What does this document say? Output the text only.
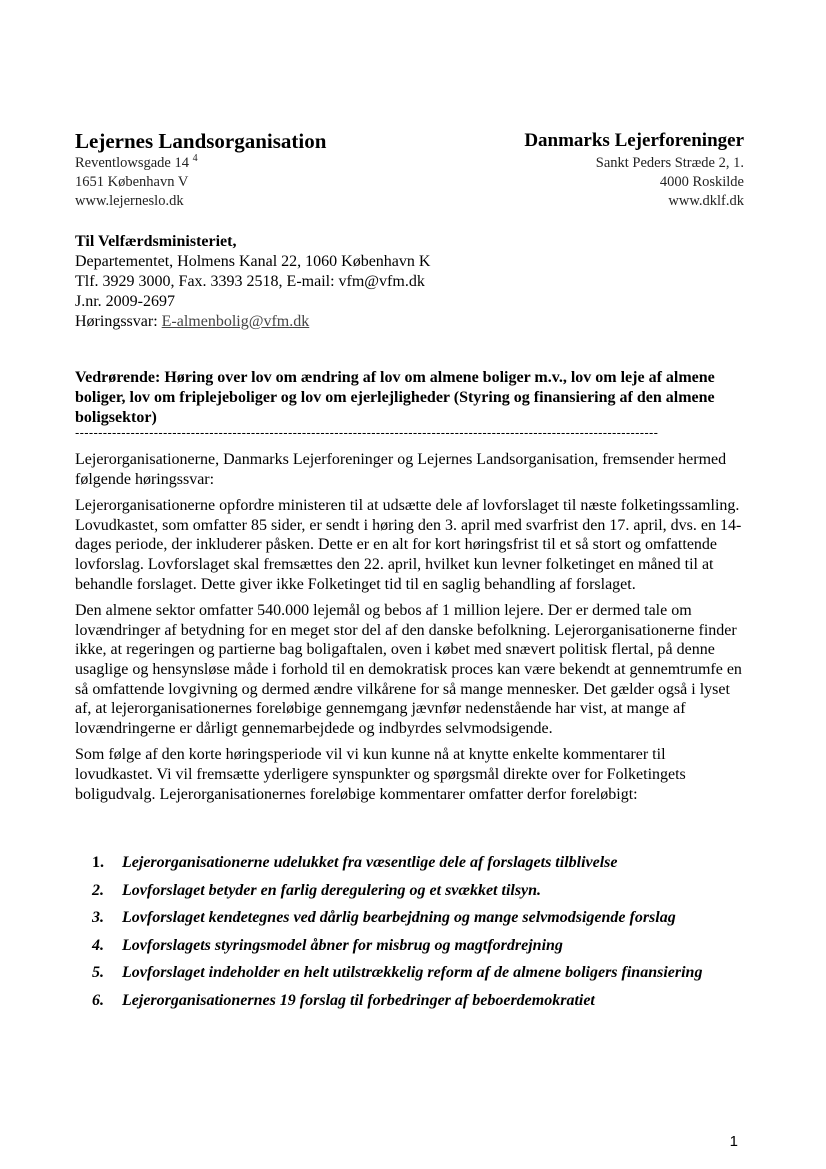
Lejernes Landsorganisation
Reventlowsgade 14 $^4$
1651 København V
www.lejerneslo.dk
Danmarks Lejerforeninger
Sankt Peders Stræde 2, 1.
4000 Roskilde
www.dklf.dk
Til Velfærdsministeriet,
Departementet, Holmens Kanal 22, 1060 København K
Tlf. 3929 3000, Fax. 3393 2518, E-mail: vfm@vfm.dk
J.nr. 2009-2697
Høringssvar: E-almenbolig@vfm.dk
Vedrørende: Høring over lov om ændring af lov om almene boliger m.v., lov om leje af almene boliger, lov om friplejeboliger og lov om ejerlejligheder (Styring og finansiering af den almene boligsektor)
------------------------------------------------------------------------------------------------------------------------------

Lejerorganisationerne, Danmarks Lejerforeninger og Lejernes Landsorganisation, fremsender hermed følgende høringssvar:

Lejerorganisationerne opfordre ministeren til at udsætte dele af lovforslaget til næste folketingssamling. Lovudkastet, som omfatter 85 sider, er sendt i høring den 3. april med svarfrist den 17. april, dvs. en 14-dages periode, der inkluderer påsken. Dette er en alt for kort høringsfrist til et så stort og omfattende lovforslag. Lovforslaget skal fremsættes den 22. april, hvilket kun levner folketinget en måned til at behandle forslaget. Dette giver ikke Folketinget tid til en saglig behandling af forslaget.

Den almene sektor omfatter 540.000 lejemål og bebos af 1 million lejere. Der er dermed tale om lovændringer af betydning for en meget stor del af den danske befolkning. Lejerorganisationerne finder ikke, at regeringen og partierne bag boligaftalen, oven i købet med snævert politisk flertal, på denne usaglige og hensynsløse måde i forhold til en demokratisk proces kan være bekendt at gennemtrumfe en så omfattende lovgivning og dermed ændre vilkårene for så mange mennesker. Det gælder også i lyset af, at lejerorganisationernes foreløbige gennemgang jævnfør nedenstående har vist, at mange af lovændringerne er dårligt gennemarbejdede og indbyrdes selvmodsigende.

Som følge af den korte høringsperiode vil vi kun kunne nå at knytte enkelte kommentarer til lovudkastet. Vi vil fremsætte yderligere synspunkter og spørgsmål direkte over for Folketingets boligudvalg. Lejerorganisationernes foreløbige kommentarer omfatter derfor foreløbigt:

1.	Lejerorganisationerne udelukket fra væsentlige dele af forslagets tilblivelse
2.	Lovforslaget betyder en farlig deregulering og et svækket tilsyn.
3.	Lovforslaget kendetegnes ved dårlig bearbejdning og mange selvmodsigende forslag
4.	Lovforslagets styringsmodel åbner for misbrug og magtfordrejning
5.	Lovforslaget indeholder en helt utilstrækkelig reform af de almene boligers finansiering
6.	Lejerorganisationernes 19 forslag til forbedringer af beboerdemokratiet
1
